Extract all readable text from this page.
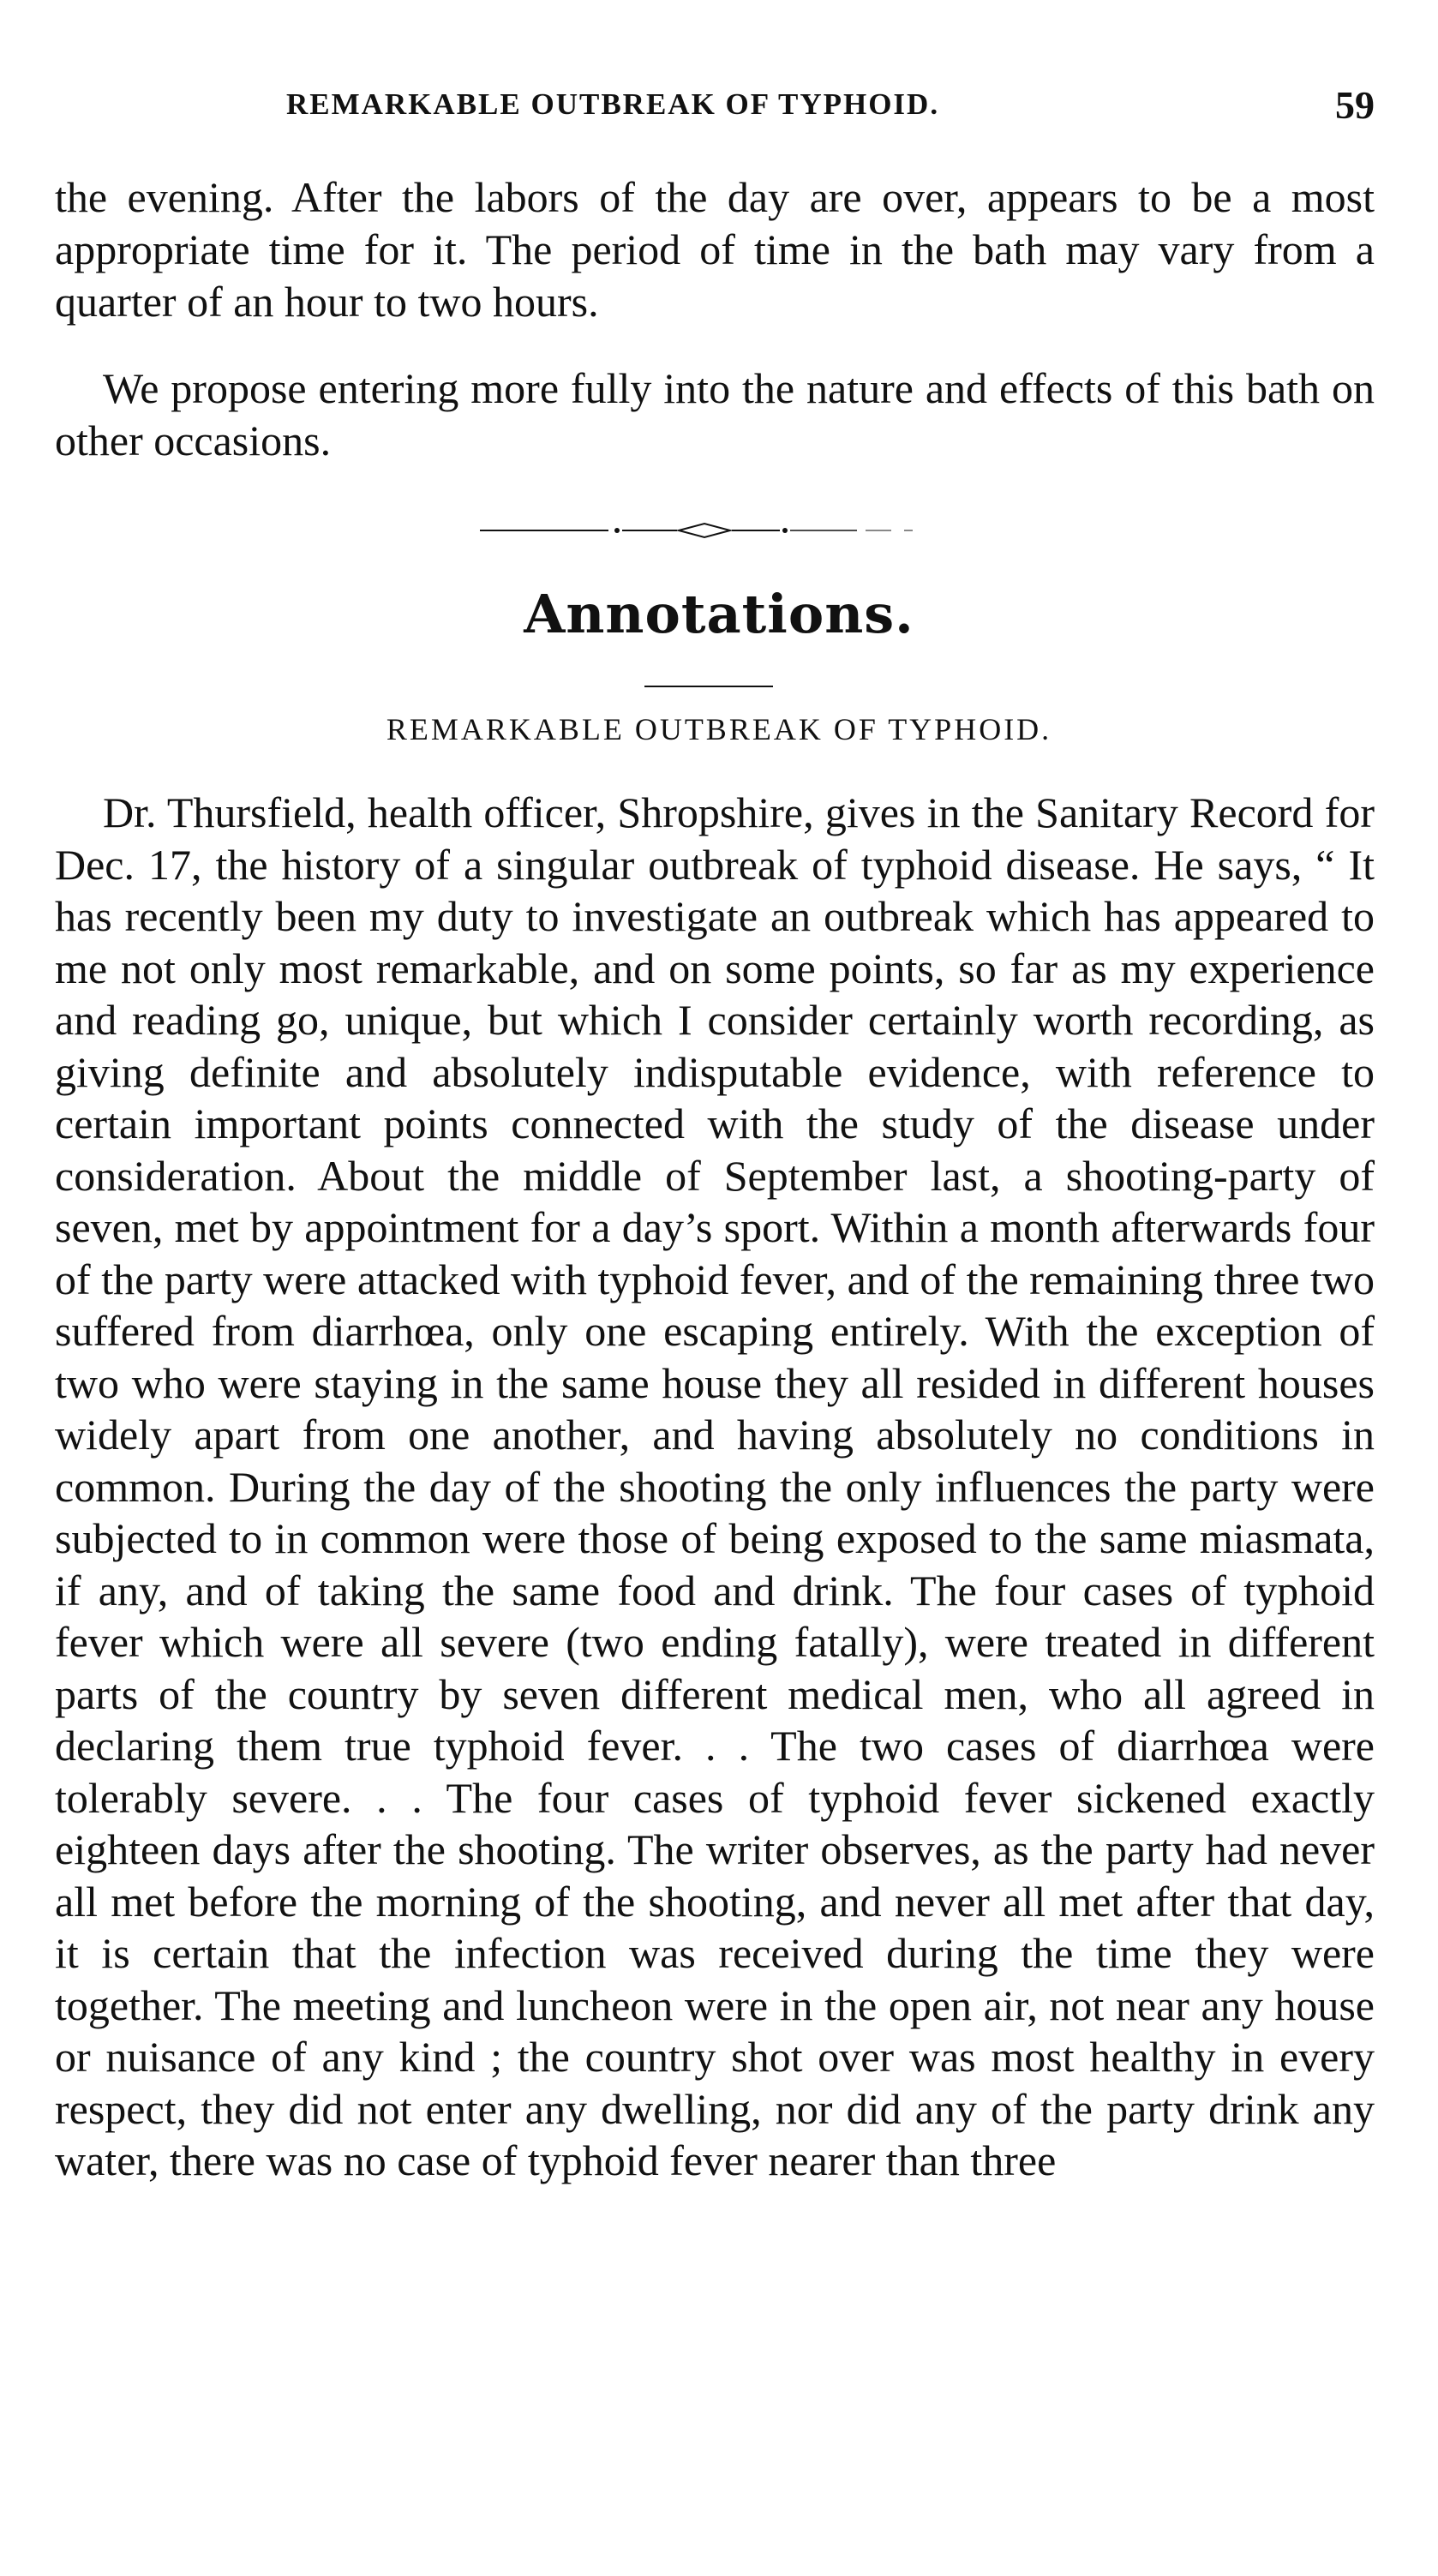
REMARKABLE OUTBREAK OF TYPHOID.	59

the evening. After the labors of the day are over, appears to be a most appropriate time for it. The period of time in the bath may vary from a quarter of an hour to two hours.

We propose entering more fully into the nature and effects of this bath on other occasions.

Annotations.
REMARKABLE OUTBREAK OF TYPHOID.

Dr. Thursfield, health officer, Shropshire, gives in the Sanitary Record for Dec. 17, the history of a singular outbreak of typhoid disease. He says, “ It has recently been my duty to investigate an outbreak which has appeared to me not only most remarkable, and on some points, so far as my experience and reading go, unique, but which I consider certainly worth recording, as giving definite and absolutely indisputable evidence, with reference to certain important points connected with the study of the disease under consideration. About the middle of September last, a shooting-party of seven, met by appointment for a day’s sport. Within a month afterwards four of the party were attacked with typhoid fever, and of the remaining three two suffered from diarrhœa, only one escaping entirely. With the exception of two who were staying in the same house they all resided in different houses widely apart from one another, and having absolutely no conditions in common. During the day of the shooting the only influences the party were subjected to in common were those of being exposed to the same miasmata, if any, and of taking the same food and drink. The four cases of typhoid fever which were all severe (two ending fatally), were treated in different parts of the country by seven different medical men, who all agreed in declaring them true typhoid fever. . . The two cases of diarrhœa were tolerably severe. . . The four cases of typhoid fever sickened exactly eighteen days after the shooting. The writer observes, as the party had never all met before the morning of the shooting, and never all met after that day, it is certain that the infection was received during the time they were together. The meeting and luncheon were in the open air, not near any house or nuisance of any kind ; the country shot over was most healthy in every respect, they did not enter any dwelling, nor did any of the party drink any water, there was no case of typhoid fever nearer than three
